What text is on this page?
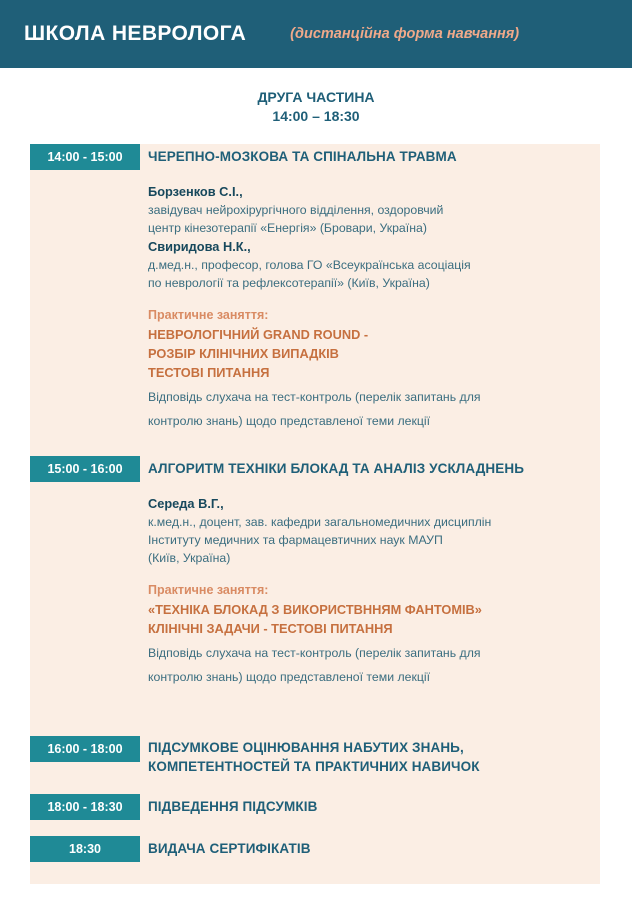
ШКОЛА НЕВРОЛОГА	(дистанційна форма навчання)
ДРУГА ЧАСТИНА
14:00 – 18:30
14:00 - 15:00	ЧЕРЕПНО-МОЗКОВА ТА СПІНАЛЬНА ТРАВМА
Борзенков С.І.,
завідувач нейрохірургічного відділення, оздоровчий
центр кінезотерапії «Енергія» (Бровари, Україна)
Свиридова Н.К.,
д.мед.н., професор, голова ГО «Всеукраїнська асоціація
по неврології та рефлексотерапії» (Київ, Україна)
Практичне заняття:
НЕВРОЛОГІЧНИЙ GRAND ROUND -
РОЗБІР КЛІНІЧНИХ ВИПАДКІВ
ТЕСТОВІ ПИТАННЯ
Відповідь слухача на тест-контроль (перелік запитань для
контролю знань) щодо представленої теми лекції
15:00 - 16:00	АЛГОРИТМ ТЕХНІКИ БЛОКАД ТА АНАЛІЗ УСКЛАДНЕНЬ
Середа В.Г.,
к.мед.н., доцент, зав. кафедри загальномедичних дисциплін
Інституту медичних та фармацевтичних наук МАУП
(Київ, Україна)
Практичне заняття:
«ТЕХНІКА БЛОКАД З ВИКОРИСТВННЯМ ФАНТОМІВ»
КЛІНІЧНІ ЗАДАЧИ - ТЕСТОВІ ПИТАННЯ
Відповідь слухача на тест-контроль (перелік запитань для
контролю знань) щодо представленої теми лекції
16:00 - 18:00	ПІДСУМКОВЕ ОЦІНЮВАННЯ НАБУТИХ ЗНАНЬ,
КОМПЕТЕНТНОСТЕЙ ТА ПРАКТИЧНИХ НАВИЧОК
18:00 - 18:30	ПІДВЕДЕННЯ ПІДСУМКІВ
18:30	ВИДАЧА СЕРТИФІКАТІВ
